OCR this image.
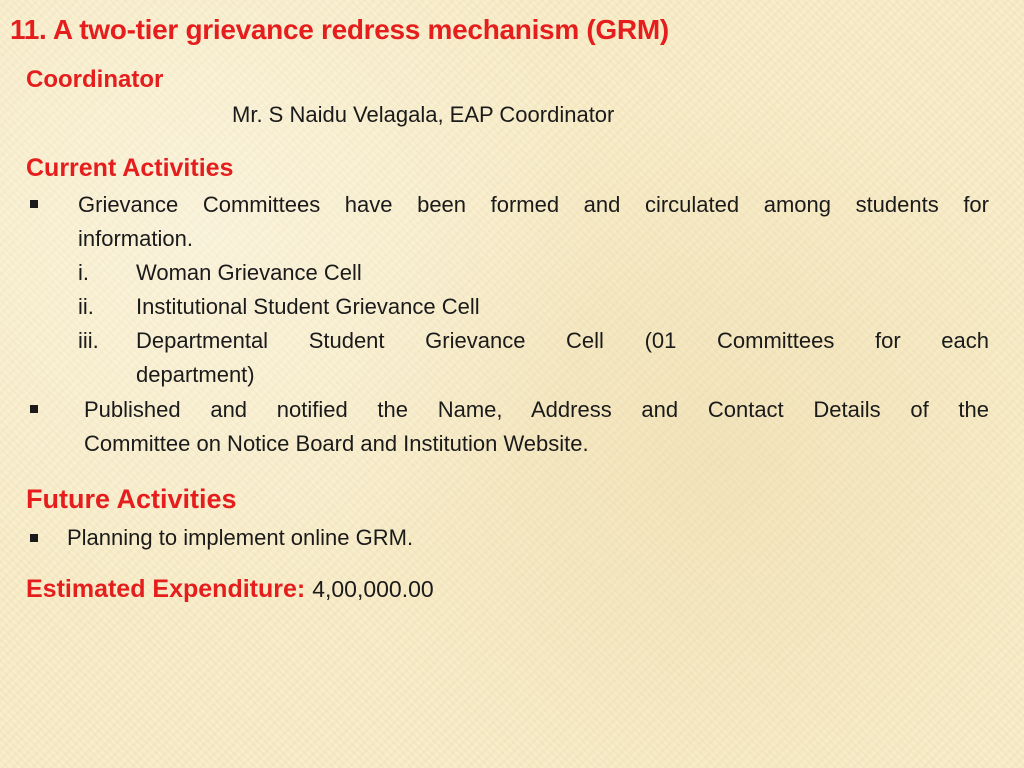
11. A two-tier grievance redress mechanism (GRM)
Coordinator
Mr. S Naidu Velagala, EAP Coordinator
Current Activities
Grievance Committees have been formed and circulated among students for
information.
i. Woman Grievance Cell
ii. Institutional Student Grievance Cell
iii. Departmental Student Grievance Cell (01 Committees for each
department)
Published and notified the Name, Address and Contact Details of the
Committee on Notice Board and Institution Website.
Future Activities
Planning to implement online GRM.
Estimated Expenditure: 4,00,000.00
